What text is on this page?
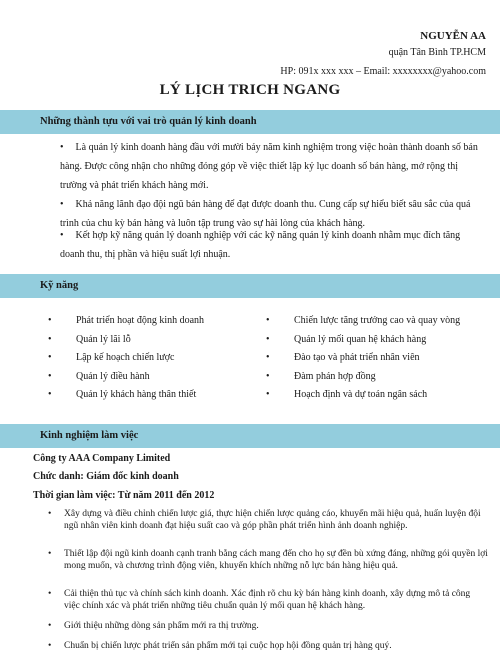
NGUYỄN AA
quận Tân Bình TP.HCM
HP: 091x xxx xxx – Email: xxxxxxxx@yahoo.com
LÝ LỊCH TRICH NGANG
Những thành tựu với vai trò quản lý kinh doanh
• Là quản lý kinh doanh hàng đầu với mười bảy năm kinh nghiệm trong việc hoàn thành doanh số bán hàng. Được công nhận cho những đóng góp về việc thiết lập kỷ lục doanh số bán hàng, mở rộng thị trường và phát triển khách hàng mới.
• Khả năng lãnh đạo đội ngũ bán hàng để đạt được doanh thu. Cung cấp sự hiểu biết sâu sắc của quá trình của chu kỳ bán hàng và luôn tập trung vào sự hài lòng của khách hàng.
• Kết hợp kỹ năng quản lý doanh nghiệp với các kỹ năng quản lý kinh doanh nhằm mục đích tăng doanh thu, thị phần và hiệu suất lợi nhuận.
Kỹ năng
• Phát triển hoạt động kinh doanh
• Quản lý lãi lỗ
• Lập kế hoạch chiến lược
• Quản lý điều hành
• Quản lý khách hàng thân thiết
• Chiến lược tăng trưởng cao và quay vòng
• Quản lý mối quan hệ khách hàng
• Đào tạo và phát triển nhân viên
• Đàm phán hợp đồng
• Hoạch định và dự toán ngân sách
Kinh nghiệm làm việc
Công ty AAA Company Limited
Chức danh: Giám đốc kinh doanh
Thời gian làm việc: Từ năm 2011 đến 2012
• Xây dựng và điều chỉnh chiến lược giá, thực hiện chiến lược quảng cáo, khuyến mãi hiệu quả, huấn luyện đội ngũ nhân viên kinh doanh đạt hiệu suất cao và góp phần phát triển hình ảnh doanh nghiệp.
• Thiết lập đội ngũ kinh doanh cạnh tranh bằng cách mang đến cho họ sự đền bù xứng đáng, những gói quyền lợi mong muốn, và chương trình động viên, khuyến khích những nỗ lực bán hàng hiệu quả.
• Cải thiện thủ tục và chính sách kinh doanh. Xác định rõ chu kỳ bán hàng kinh doanh, xây dựng mô tả công việc chính xác và phát triển những tiêu chuẩn quản lý mối quan hệ khách hàng.
• Giới thiệu những dòng sản phẩm mới ra thị trường.
• Chuẩn bị chiến lược phát triển sản phẩm mới tại cuộc họp hội đồng quản trị hàng quý.
